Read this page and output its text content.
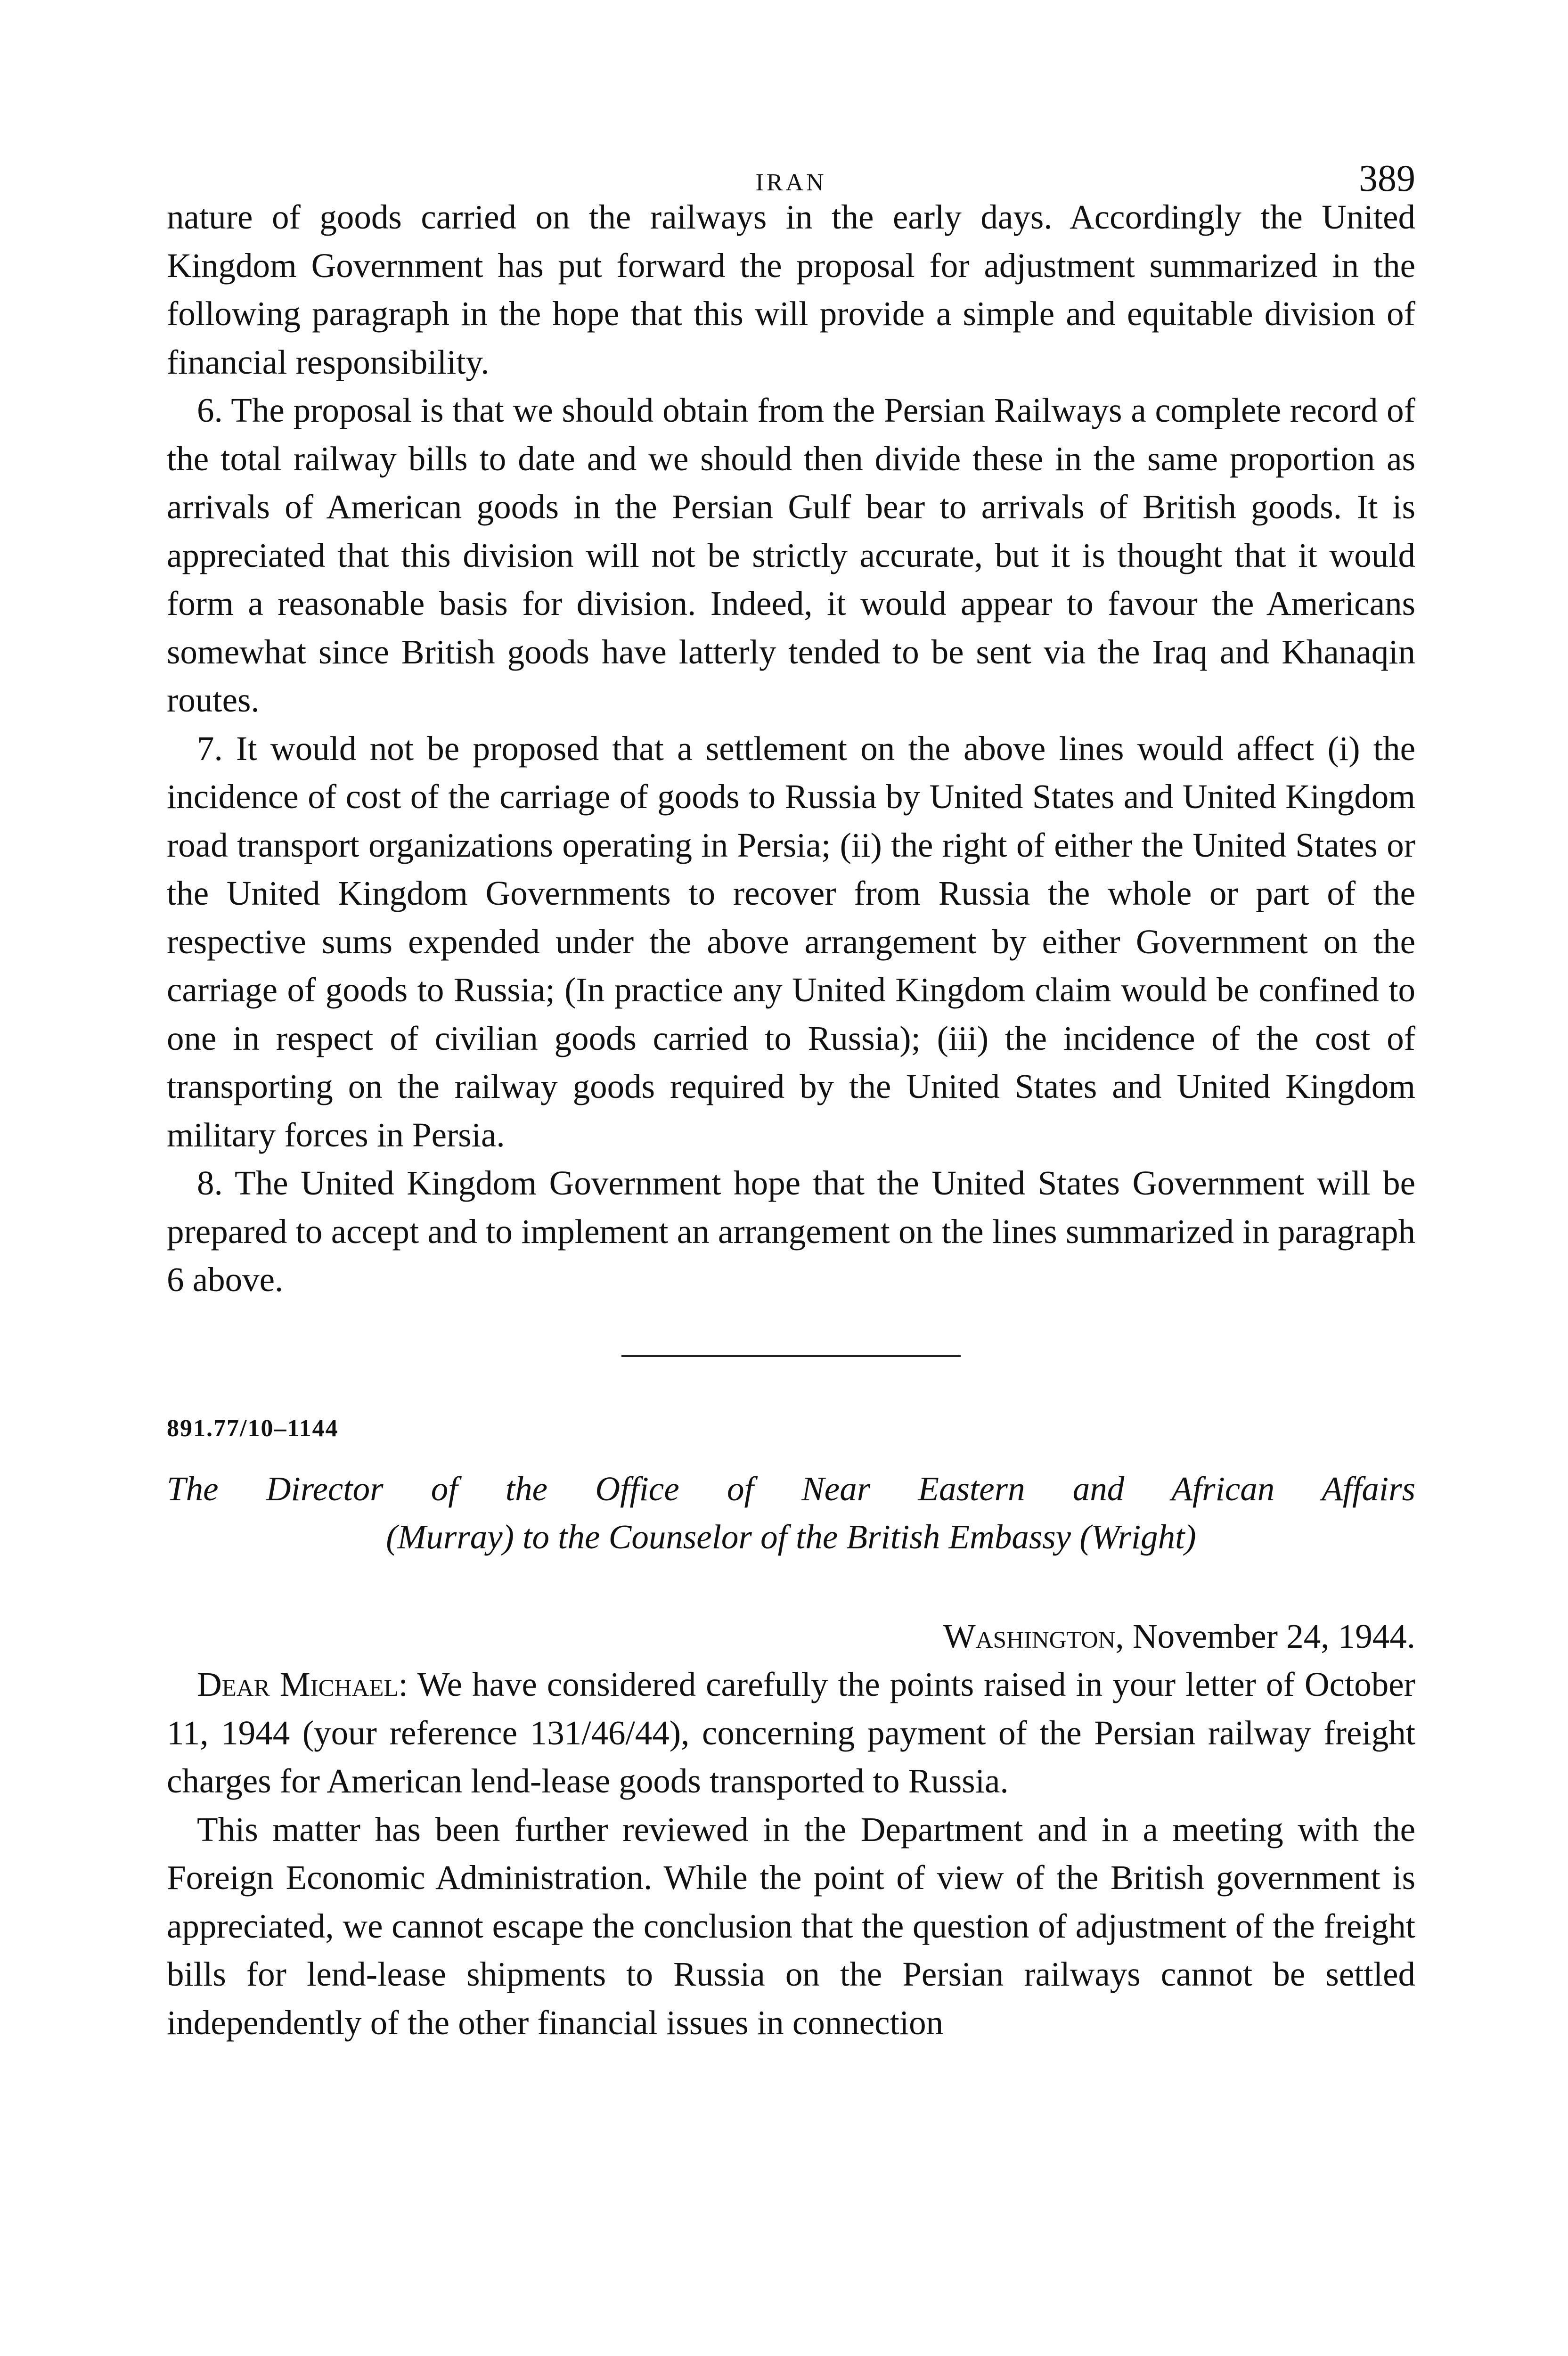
IRAN	389

nature of goods carried on the railways in the early days. Accordingly the United Kingdom Government has put forward the proposal for adjustment summarized in the following paragraph in the hope that this will provide a simple and equitable division of financial responsibility.

6. The proposal is that we should obtain from the Persian Railways a complete record of the total railway bills to date and we should then divide these in the same proportion as arrivals of American goods in the Persian Gulf bear to arrivals of British goods. It is appreciated that this division will not be strictly accurate, but it is thought that it would form a reasonable basis for division. Indeed, it would appear to favour the Americans somewhat since British goods have latterly tended to be sent via the Iraq and Khanaqin routes.

7. It would not be proposed that a settlement on the above lines would affect (i) the incidence of cost of the carriage of goods to Russia by United States and United Kingdom road transport organizations operating in Persia; (ii) the right of either the United States or the United Kingdom Governments to recover from Russia the whole or part of the respective sums expended under the above arrangement by either Government on the carriage of goods to Russia; (In practice any United Kingdom claim would be confined to one in respect of civilian goods carried to Russia); (iii) the incidence of the cost of transporting on the railway goods required by the United States and United Kingdom military forces in Persia.

8. The United Kingdom Government hope that the United States Government will be prepared to accept and to implement an arrangement on the lines summarized in paragraph 6 above.

891.77/10–1144
The Director of the Office of Near Eastern and African Affairs
(Murray) to the Counselor of the British Embassy (Wright)
Washington, November 24, 1944.

Dear Michael: We have considered carefully the points raised in your letter of October 11, 1944 (your reference 131/46/44), concerning payment of the Persian railway freight charges for American lend-lease goods transported to Russia.

This matter has been further reviewed in the Department and in a meeting with the Foreign Economic Administration. While the point of view of the British government is appreciated, we cannot escape the conclusion that the question of adjustment of the freight bills for lend-lease shipments to Russia on the Persian railways cannot be settled independently of the other financial issues in connection
